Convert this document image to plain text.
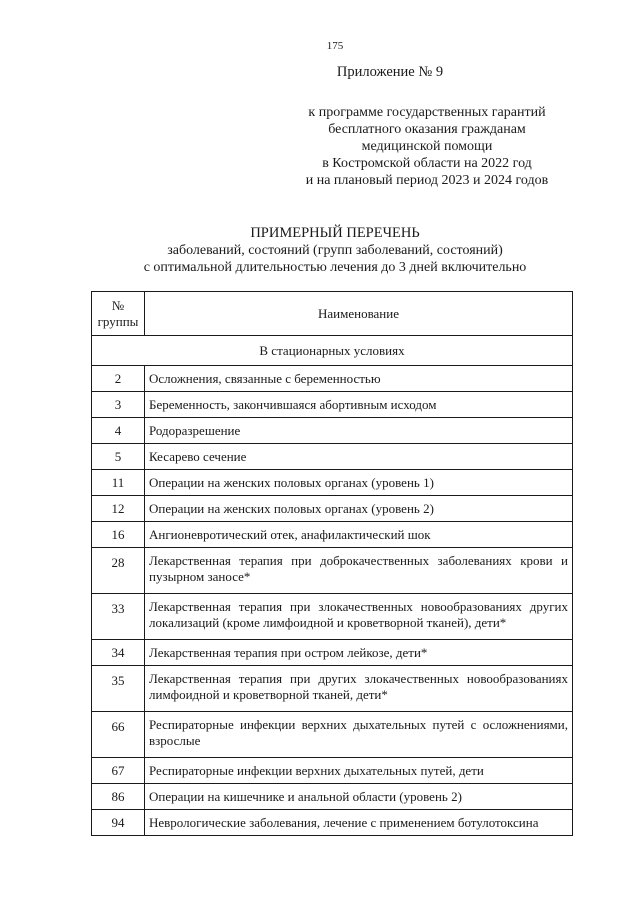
175
Приложение № 9
к программе государственных гарантий
бесплатного оказания гражданам
медицинской помощи
в Костромской области на 2022 год
и на плановый период 2023 и 2024 годов
ПРИМЕРНЫЙ ПЕРЕЧЕНЬ
заболеваний, состояний (групп заболеваний, состояний)
с оптимальной длительностью лечения до 3 дней включительно
№ группы	Наименование
В стационарных условиях	
2	Осложнения, связанные с беременностью
3	Беременность, закончившаяся абортивным исходом
4	Родоразрешение
5	Кесарево сечение
11	Операции на женских половых органах (уровень 1)
12	Операции на женских половых органах (уровень 2)
16	Ангионевротический отек, анафилактический шок
28	Лекарственная терапия при доброкачественных заболеваниях крови и пузырном заносе*
33	Лекарственная терапия при злокачественных новообразованиях других локализаций (кроме лимфоидной и кроветворной тканей), дети*
34	Лекарственная терапия при остром лейкозе, дети*
35	Лекарственная терапия при других злокачественных новообразованиях лимфоидной и кроветворной тканей, дети*
66	Респираторные инфекции верхних дыхательных путей с осложнениями, взрослые
67	Респираторные инфекции верхних дыхательных путей, дети
86	Операции на кишечнике и анальной области (уровень 2)
94	Неврологические заболевания, лечение с применением ботулотоксина
